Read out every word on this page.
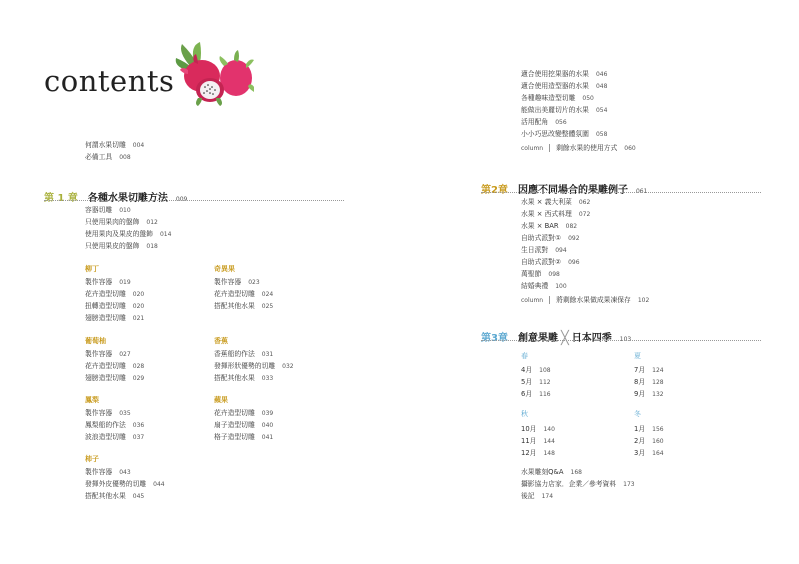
contents
何謂水果切雕 004
必備工具 008
第 1 章 各種水果切雕方法 009
容器切雕 010
只使用果肉的盤飾 012
使用果肉及果皮的盤飾 014
只使用果皮的盤飾 018
柳丁
製作容器 019
花卉造型切雕 020
扭轉造型切雕 020
翅膀造型切雕 021
奇異果
製作容器 023
花卉造型切雕 024
搭配其他水果 025
葡萄柚
製作容器 027
花卉造型切雕 028
翅膀造型切雕 029
香蕉
香蕉船的作法 031
發揮形狀優勢的切雕 032
搭配其他水果 033
鳳梨
製作容器 035
鳳梨船的作法 036
波浪造型切雕 037
蘋果
花卉造型切雕 039
扇子造型切雕 040
格子造型切雕 041
柿子
製作容器 043
發揮外皮優勢的切雕 044
搭配其他水果 045
適合使用挖果器的水果 046
適合使用造型器的水果 048
各種趣味造型切雕 050
能做出美麗切片的水果 054
活用配角 056
小小巧思改變整體氛圍 058
column 剩餘水果的使用方式 060
第2章 因應不同場合的果雕例子 061
水果 × 義大利菜 062
水果 × 西式料理 072
水果 × BAR 082
自助式派對① 092
生日派對 094
自助式派對② 096
萬聖節 098
結婚典禮 100
column 將剩餘水果做成果凍保存 102
第3章 創意果雕 ╳ 日本四季 103
春
4月 108
5月 112
6月 116
夏
7月 124
8月 128
9月 132
秋
10月 140
11月 144
12月 148
冬
1月 156
2月 160
3月 164
水果雕刻Q&A 168
攝影協力店家．企業／參考資料 173
後記 174
